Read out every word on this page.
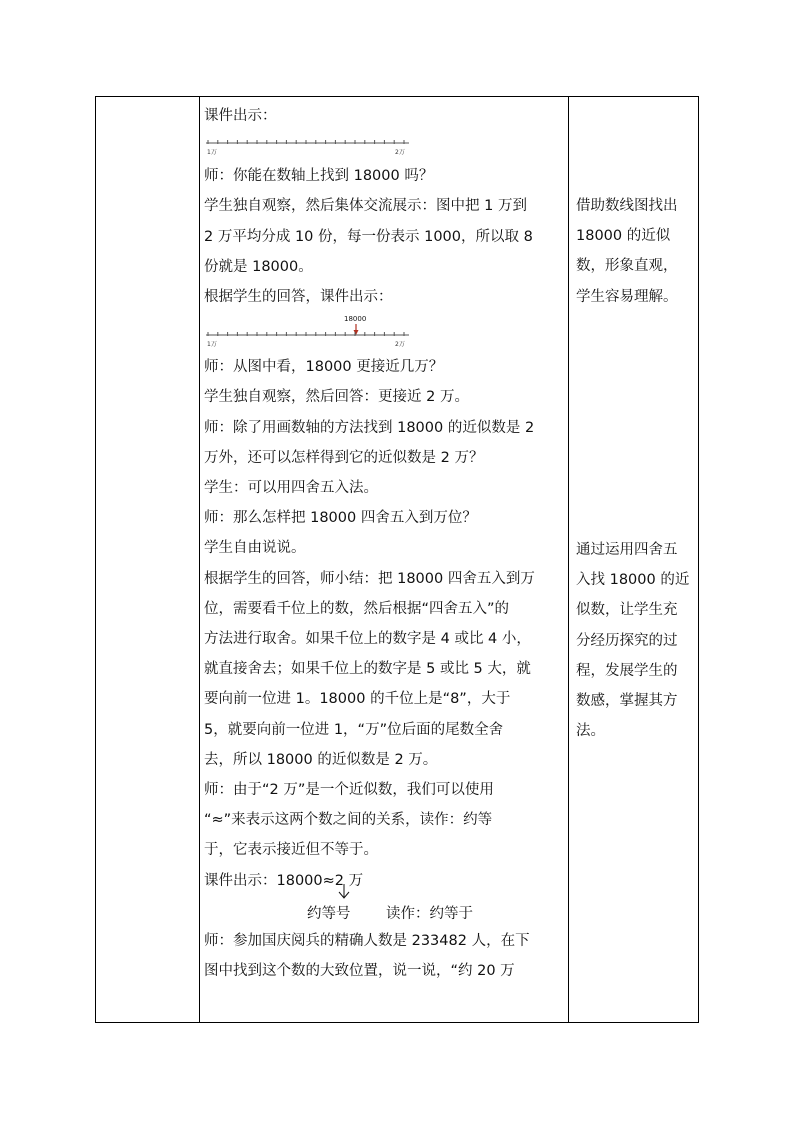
课件出示：
1万	2万
师：你能在数轴上找到 18000 吗？
学生独自观察，然后集体交流展示：图中把 1 万到
2 万平均分成 10 份，每一份表示 1000，所以取 8
份就是 18000。
根据学生的回答，课件出示：
18000
1万	2万
师：从图中看，18000 更接近几万？
学生独自观察，然后回答：更接近 2 万。
师：除了用画数轴的方法找到 18000 的近似数是 2
万外，还可以怎样得到它的近似数是 2 万？
学生：可以用四舍五入法。
师：那么怎样把 18000 四舍五入到万位？
学生自由说说。
根据学生的回答，师小结：把 18000 四舍五入到万
位，需要看千位上的数，然后根据“四舍五入”的
方法进行取舍。如果千位上的数字是 4 或比 4 小，
就直接舍去；如果千位上的数字是 5 或比 5 大，就
要向前一位进 1。18000 的千位上是“8”，大于
5，就要向前一位进 1，“万”位后面的尾数全舍
去，所以 18000 的近似数是 2 万。
师：由于“2 万”是一个近似数，我们可以使用
“≈”来表示这两个数之间的关系，读作：约等
于，它表示接近但不等于。
课件出示：18000≈2 万
约等号 读作：约等于
师：参加国庆阅兵的精确人数是 233482 人，在下
图中找到这个数的大致位置，说一说，“约 20 万
借助数线图找出
18000 的近似
数，形象直观，
学生容易理解。
通过运用四舍五
入找 18000 的近
似数，让学生充
分经历探究的过
程，发展学生的
数感，掌握其方
法。
